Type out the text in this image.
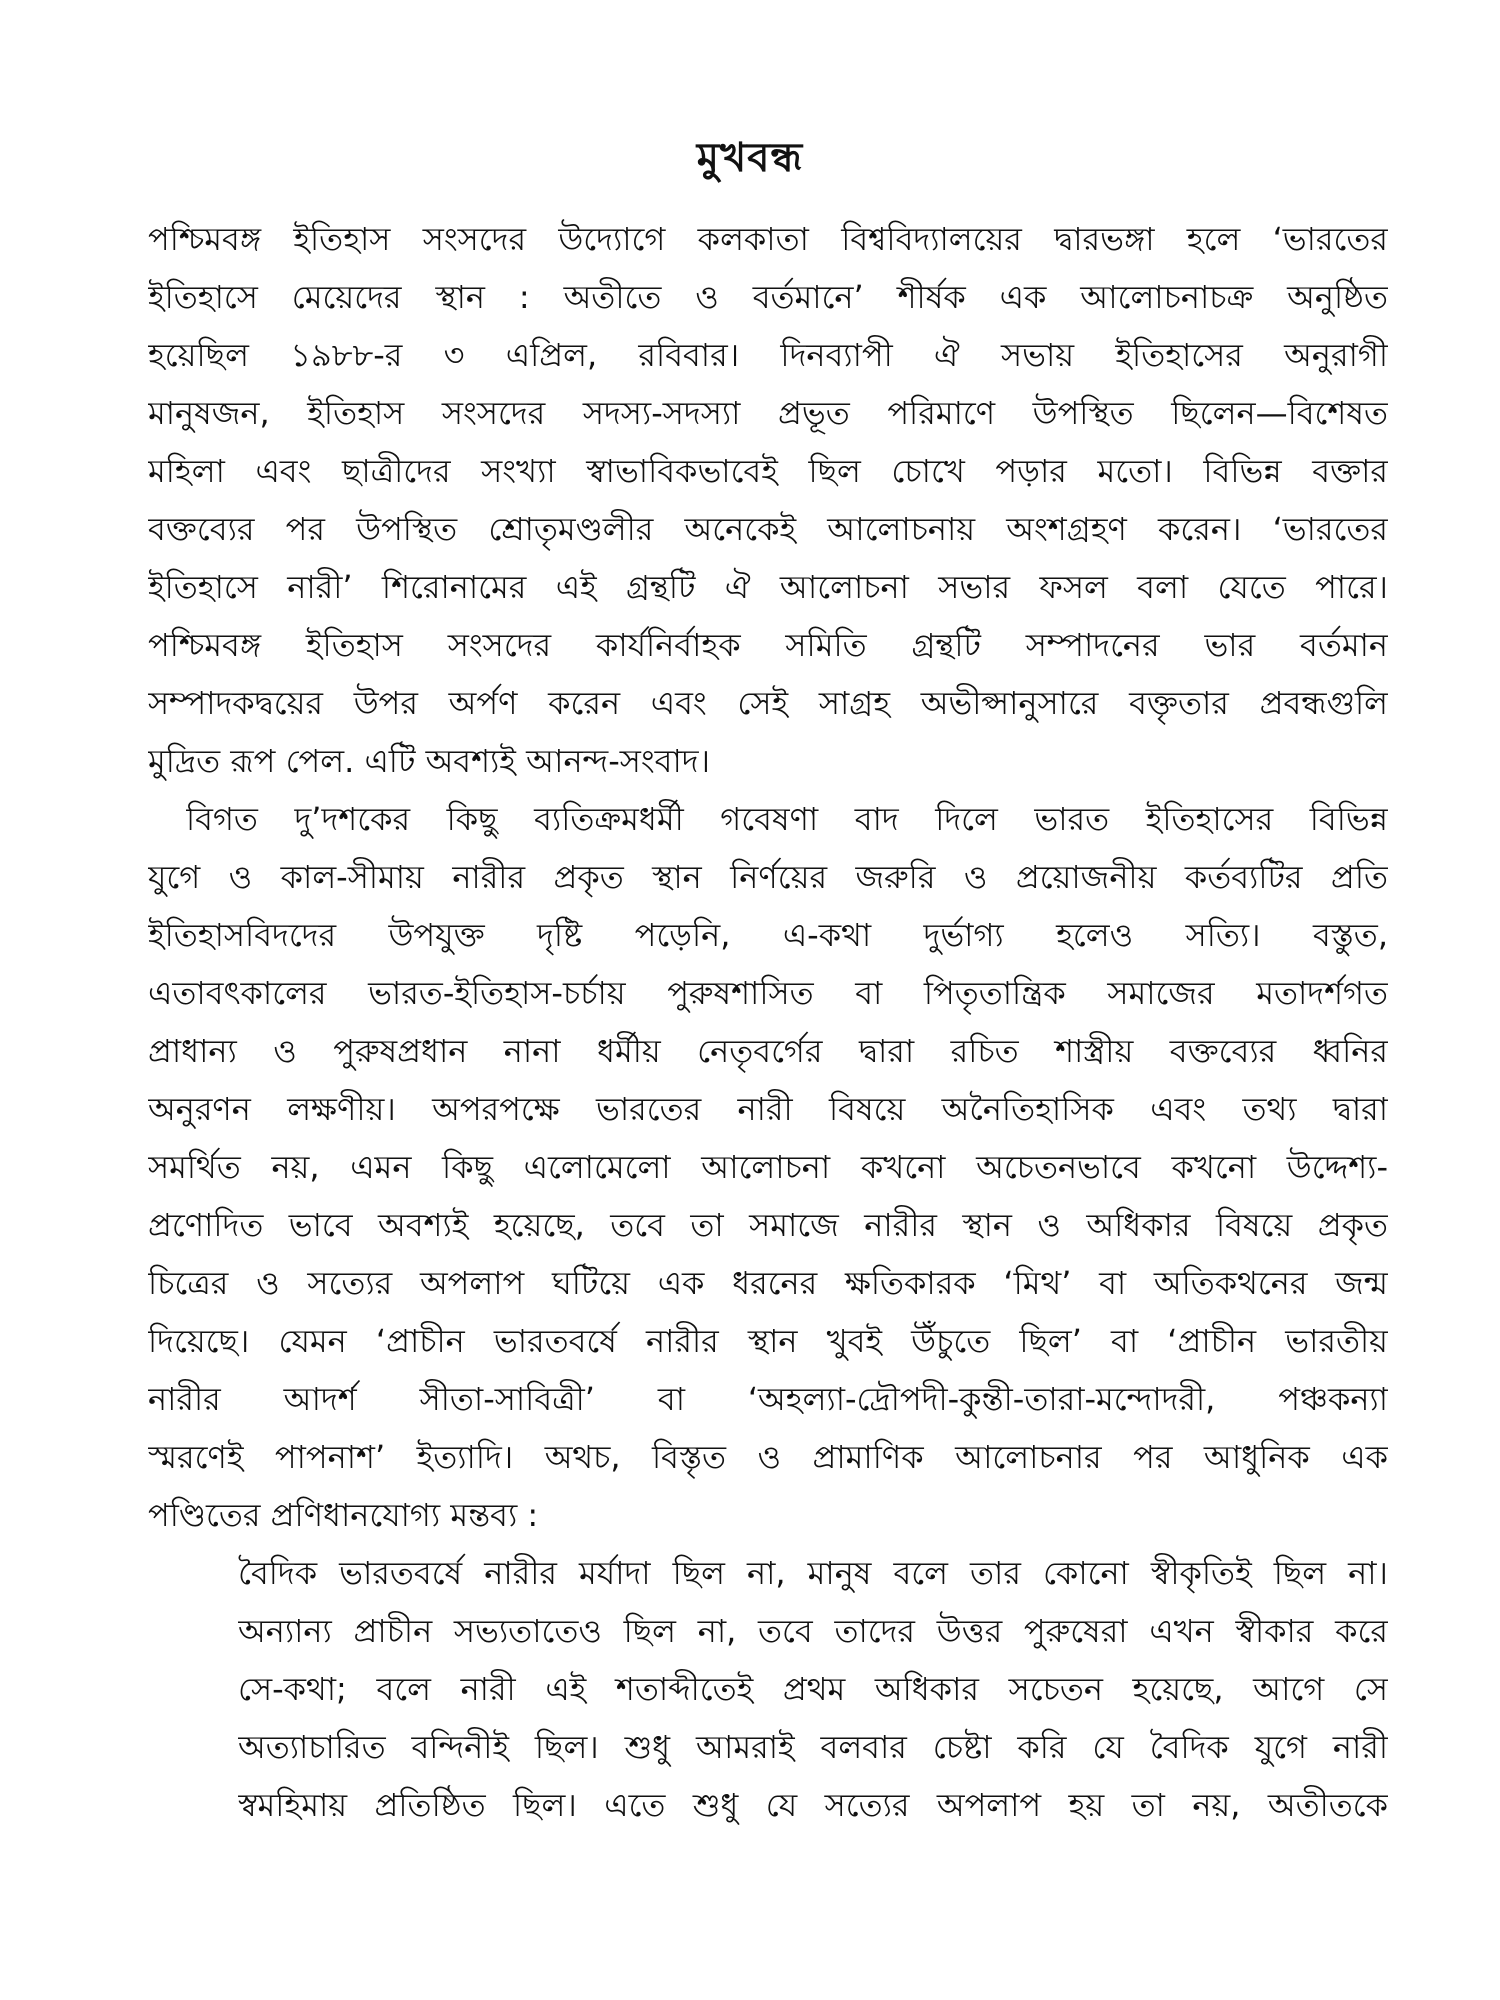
মুখবন্ধ
পশ্চিমবঙ্গ ইতিহাস সংসদের উদ্যোগে কলকাতা বিশ্ববিদ্যালয়ের দ্বারভঙ্গা হলে ‘ভারতের
ইতিহাসে মেয়েদের স্থান : অতীতে ও বর্তমানে’ শীর্ষক এক আলোচনাচক্র অনুষ্ঠিত
হয়েছিল ১৯৮৮-র ৩ এপ্রিল, রবিবার। দিনব্যাপী ঐ সভায় ইতিহাসের অনুরাগী
মানুষজন, ইতিহাস সংসদের সদস্য-সদস্যা প্রভূত পরিমাণে উপস্থিত ছিলেন—বিশেষত
মহিলা এবং ছাত্রীদের সংখ্যা স্বাভাবিকভাবেই ছিল চোখে পড়ার মতো। বিভিন্ন বক্তার
বক্তব্যের পর উপস্থিত শ্রোতৃমণ্ডলীর অনেকেই আলোচনায় অংশগ্রহণ করেন। ‘ভারতের
ইতিহাসে নারী’ শিরোনামের এই গ্রন্থটি ঐ আলোচনা সভার ফসল বলা যেতে পারে।
পশ্চিমবঙ্গ ইতিহাস সংসদের কার্যনির্বাহক সমিতি গ্রন্থটি সম্পাদনের ভার বর্তমান
সম্পাদকদ্বয়ের উপর অর্পণ করেন এবং সেই সাগ্রহ অভীপ্সানুসারে বক্তৃতার প্রবন্ধগুলি
মুদ্রিত রূপ পেল. এটি অবশ্যই আনন্দ-সংবাদ।
বিগত দু’দশকের কিছু ব্যতিক্রমধর্মী গবেষণা বাদ দিলে ভারত ইতিহাসের বিভিন্ন
যুগে ও কাল-সীমায় নারীর প্রকৃত স্থান নির্ণয়ের জরুরি ও প্রয়োজনীয় কর্তব্যটির প্রতি
ইতিহাসবিদদের উপযুক্ত দৃষ্টি পড়েনি, এ-কথা দুর্ভাগ্য হলেও সত্যি। বস্তুত,
এতাবৎকালের ভারত-ইতিহাস-চর্চায় পুরুষশাসিত বা পিতৃতান্ত্রিক সমাজের মতাদর্শগত
প্রাধান্য ও পুরুষপ্রধান নানা ধর্মীয় নেতৃবর্গের দ্বারা রচিত শাস্ত্রীয় বক্তব্যের ধ্বনির
অনুরণন লক্ষণীয়। অপরপক্ষে ভারতের নারী বিষয়ে অনৈতিহাসিক এবং তথ্য দ্বারা
সমর্থিত নয়, এমন কিছু এলোমেলো আলোচনা কখনো অচেতনভাবে কখনো উদ্দেশ্য-
প্রণোদিত ভাবে অবশ্যই হয়েছে, তবে তা সমাজে নারীর স্থান ও অধিকার বিষয়ে প্রকৃত
চিত্রের ও সত্যের অপলাপ ঘটিয়ে এক ধরনের ক্ষতিকারক ‘মিথ’ বা অতিকথনের জন্ম
দিয়েছে। যেমন ‘প্রাচীন ভারতবর্ষে নারীর স্থান খুবই উঁচুতে ছিল’ বা ‘প্রাচীন ভারতীয়
নারীর আদর্শ সীতা-সাবিত্রী’ বা ‘অহল্যা-দ্রৌপদী-কুন্তী-তারা-মন্দোদরী, পঞ্চকন্যা
স্মরণেই পাপনাশ’ ইত্যাদি। অথচ, বিস্তৃত ও প্রামাণিক আলোচনার পর আধুনিক এক
পণ্ডিতের প্রণিধানযোগ্য মন্তব্য :
বৈদিক ভারতবর্ষে নারীর মর্যাদা ছিল না, মানুষ বলে তার কোনো স্বীকৃতিই ছিল না।
অন্যান্য প্রাচীন সভ্যতাতেও ছিল না, তবে তাদের উত্তর পুরুষেরা এখন স্বীকার করে
সে-কথা; বলে নারী এই শতাব্দীতেই প্রথম অধিকার সচেতন হয়েছে, আগে সে
অত্যাচারিত বন্দিনীই ছিল। শুধু আমরাই বলবার চেষ্টা করি যে বৈদিক যুগে নারী
স্বমহিমায় প্রতিষ্ঠিত ছিল। এতে শুধু যে সত্যের অপলাপ হয় তা নয়, অতীতকে
